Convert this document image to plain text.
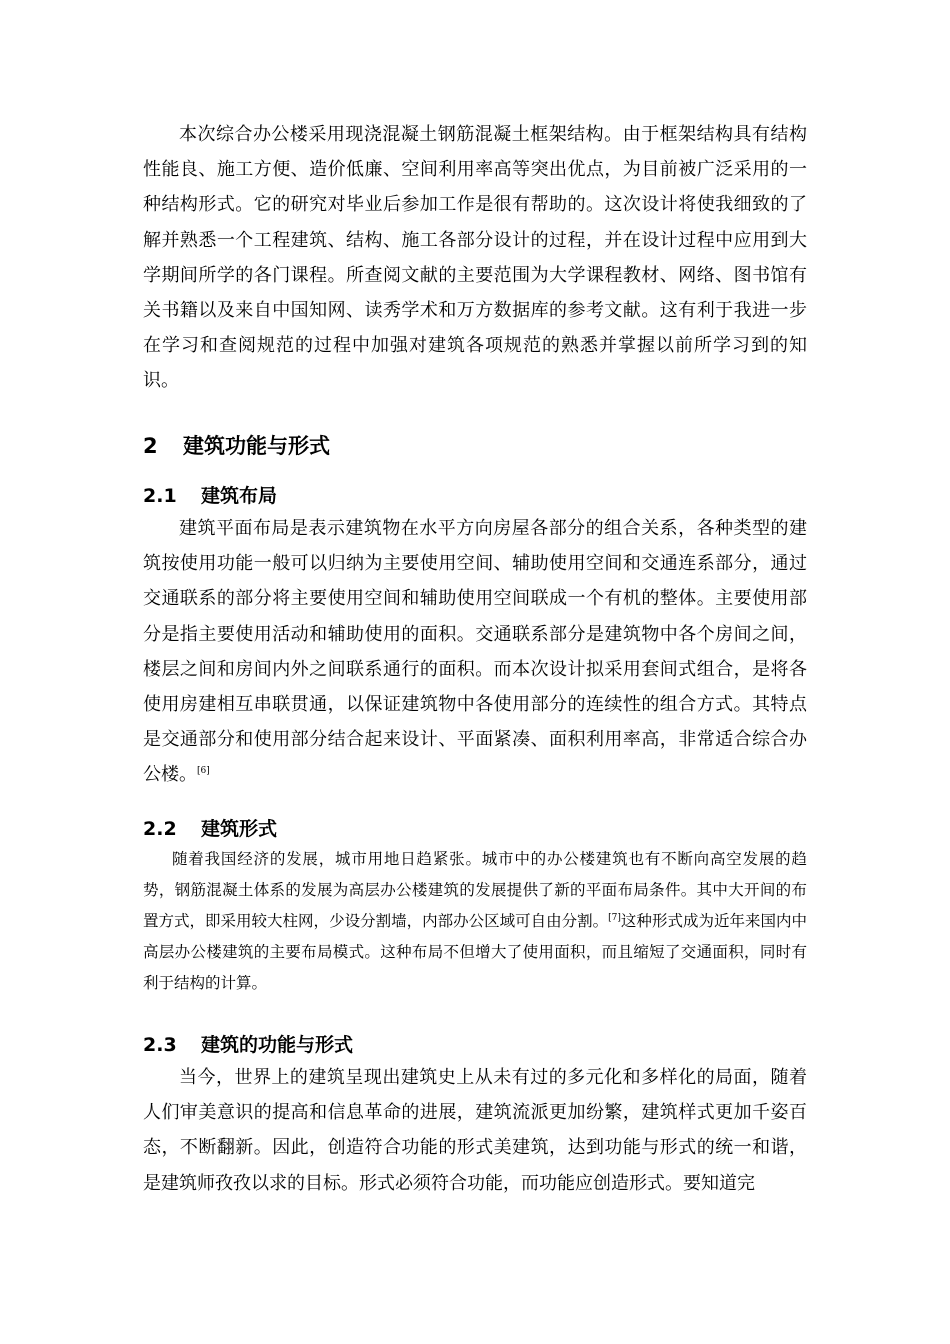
本次综合办公楼采用现浇混凝土钢筋混凝土框架结构。由于框架结构具有结构性能良、施工方便、造价低廉、空间利用率高等突出优点，为目前被广泛采用的一种结构形式。它的研究对毕业后参加工作是很有帮助的。这次设计将使我细致的了解并熟悉一个工程建筑、结构、施工各部分设计的过程，并在设计过程中应用到大学期间所学的各门课程。所查阅文献的主要范围为大学课程教材、网络、图书馆有关书籍以及来自中国知网、读秀学术和万方数据库的参考文献。这有利于我进一步在学习和查阅规范的过程中加强对建筑各项规范的熟悉并掌握以前所学习到的知识。

2 建筑功能与形式
2.1 建筑布局

建筑平面布局是表示建筑物在水平方向房屋各部分的组合关系，各种类型的建筑按使用功能一般可以归纳为主要使用空间、辅助使用空间和交通连系部分，通过交通联系的部分将主要使用空间和辅助使用空间联成一个有机的整体。主要使用部分是指主要使用活动和辅助使用的面积。交通联系部分是建筑物中各个房间之间，楼层之间和房间内外之间联系通行的面积。而本次设计拟采用套间式组合，是将各使用房建相互串联贯通，以保证建筑物中各使用部分的连续性的组合方式。其特点是交通部分和使用部分结合起来设计、平面紧凑、面积利用率高，非常适合综合办公楼。[6]

2.2 建筑形式

随着我国经济的发展，城市用地日趋紧张。城市中的办公楼建筑也有不断向高空发展的趋势，钢筋混凝土体系的发展为高层办公楼建筑的发展提供了新的平面布局条件。其中大开间的布置方式，即采用较大柱网，少设分割墙，内部办公区域可自由分割。[7]这种形式成为近年来国内中高层办公楼建筑的主要布局模式。这种布局不但增大了使用面积，而且缩短了交通面积，同时有利于结构的计算。

2.3 建筑的功能与形式

当今，世界上的建筑呈现出建筑史上从未有过的多元化和多样化的局面，随着人们审美意识的提高和信息革命的进展，建筑流派更加纷繁，建筑样式更加千姿百态，不断翻新。因此，创造符合功能的形式美建筑，达到功能与形式的统一和谐，是建筑师孜孜以求的目标。形式必须符合功能，而功能应创造形式。要知道完
